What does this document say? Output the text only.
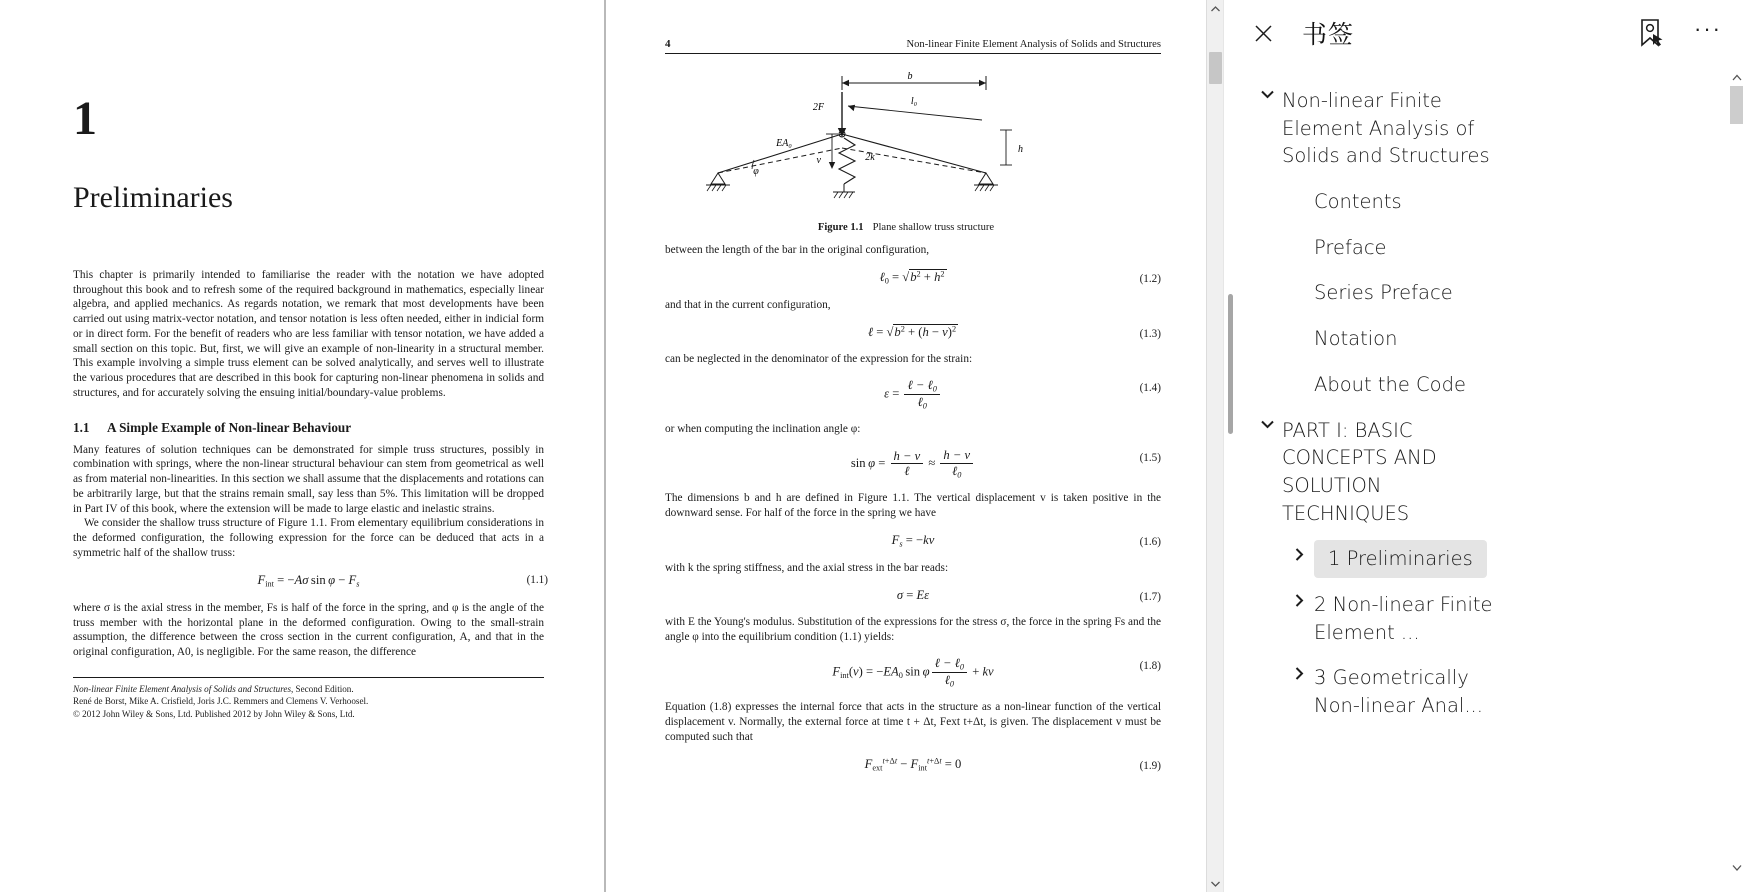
1
Preliminaries

This chapter is primarily intended to familiarise the reader with the notation we have adopted throughout this book and to refresh some of the required background in mathematics, especially linear algebra, and applied mechanics. As regards notation, we remark that most developments have been carried out using matrix-vector notation, and tensor notation is less often needed, either in indicial form or in direct form. For the benefit of readers who are less familiar with tensor notation, we have added a small section on this topic. But, first, we will give an example of non-linearity in a structural member. This example involving a simple truss element can be solved analytically, and serves well to illustrate the various procedures that are described in this book for capturing non-linear phenomena in solids and structures, and for accurately solving the ensuing initial/boundary-value problems.

1.1 A Simple Example of Non-linear Behaviour

Many features of solution techniques can be demonstrated for simple truss structures, possibly in combination with springs, where the non-linear structural behaviour can stem from geometrical as well as from material non-linearities. In this section we shall assume that the displacements and rotations can be arbitrarily large, but that the strains remain small, say less than 5%. This limitation will be dropped in Part IV of this book, where the extension will be made to large elastic and inelastic strains.

We consider the shallow truss structure of Figure 1.1. From elementary equilibrium considerations in the deformed configuration, the following expression for the force can be deduced that acts in a symmetric half of the shallow truss:

$F_{int} = -A\sigma$ $\sin \varphi - F_s$	(1.1)

where σ is the axial stress in the member, Fs is half of the force in the spring, and φ is the angle of the truss member with the horizontal plane in the deformed configuration. Owing to the small-strain assumption, the difference between the cross section in the current configuration, A, and that in the original configuration, A0, is negligible. For the same reason, the difference

Non-linear Finite Element Analysis of Solids and Structures, Second Edition.
René de Borst, Mike A. Crisfield, Joris J.C. Remmers and Clemens V. Verhoosel.
© 2012 John Wiley & Sons, Ltd. Published 2012 by John Wiley & Sons, Ltd.
4	Non-linear Finite Element Analysis of Solids and Structures
b
2F
l₀
EA₀
φ
v	2k
h
Figure 1.1 Plane shallow truss structure

between the length of the bar in the original configuration,

ℓ$_0$ = $√b^2 + h^2$	(1.2)

and that in the current configuration,

ℓ = $√b^2 + (h - v)^2$	(1.3)

can be neglected in the denominator of the expression for the strain:

$\varepsilon = \frac{\ell - \ell_0}{\ell_0}$	(1.4)

or when computing the inclination angle φ:

$\sin \varphi = \frac{h - v}{\text{ℓ}} \approx \frac{h - v}{\ell_0}$	(1.5)

The dimensions b and h are defined in Figure 1.1. The vertical displacement v is taken positive in the downward sense. For half of the force in the spring we have

$F_s = -kv$	(1.6)

with k the spring stiffness, and the axial stress in the bar reads:

σ = Eε	(1.7)

with E the Young's modulus. Substitution of the expressions for the stress σ, the force in the spring Fs and the angle φ into the equilibrium condition (1.1) yields:

$F_{int}(v) = -EA_0$ sin φ $\frac{\ell - \ell_0}{\ell_0}$ + kv	(1.8)

Equation (1.8) expresses the internal force that acts in the structure as a non-linear function of the vertical displacement v. Normally, the external force at time t + Δt, Fext t+Δt, is given. The displacement v must be computed such that

$F_{ext}^{t+\Delta t} - F_{int}^{t+\Delta t} = 0$	(1.9)
书签	···
Non-linear Finite Element Analysis of Solids and Structures
Contents
Preface
Series Preface
Notation
About the Code
PART I: BASIC CONCEPTS AND SOLUTION TECHNIQUES
1 Preliminaries
2 Non-linear Finite Element ...
3 Geometrically Non-linear Anal...
